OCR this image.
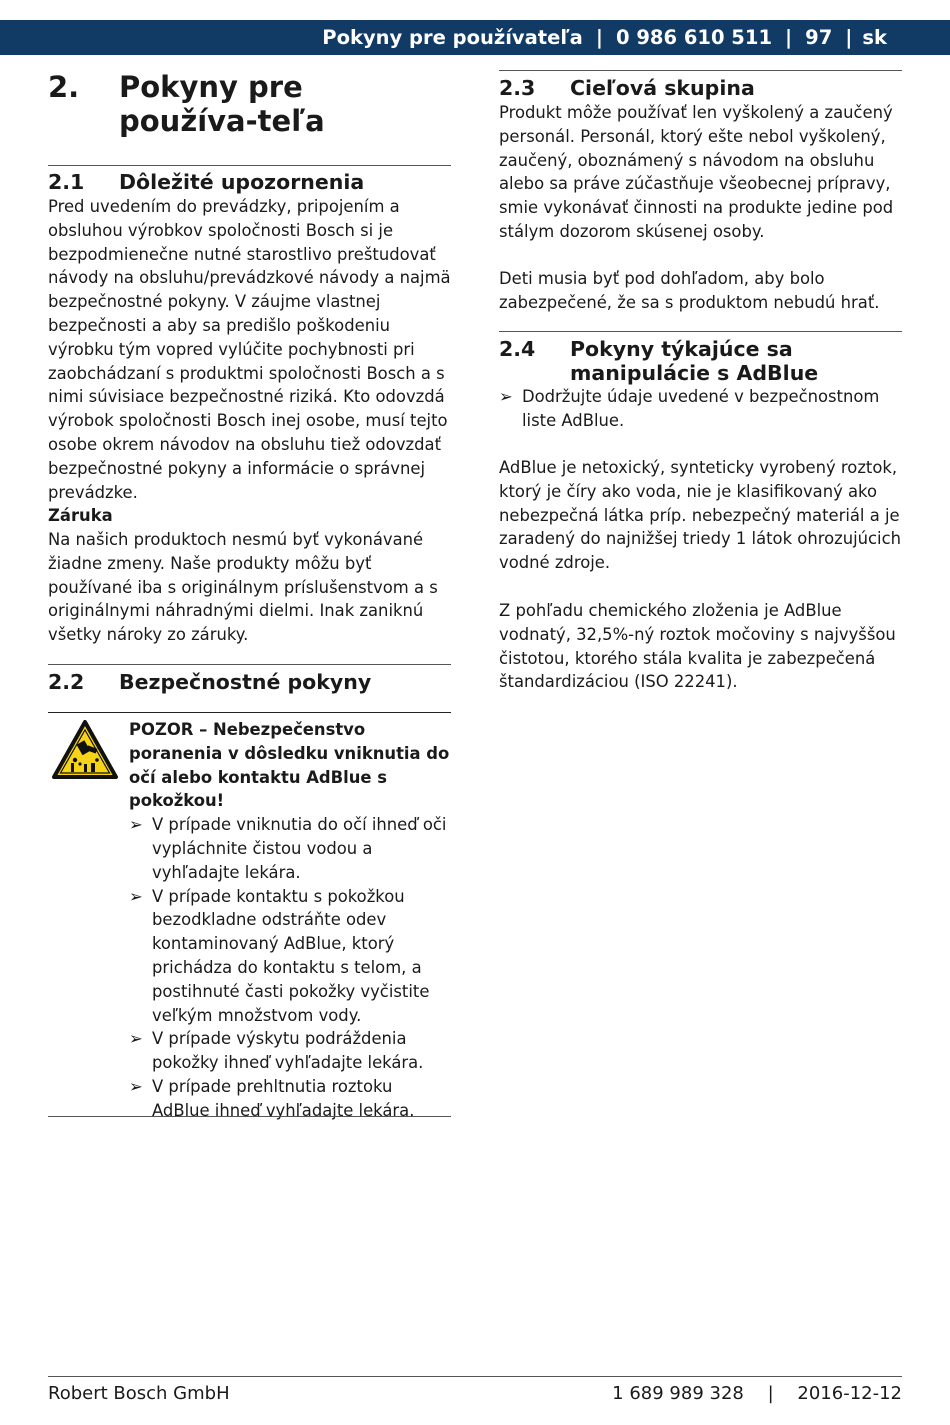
Pokyny pre používateľa | 0 986 610 511 | 97 | sk
2. Pokyny pre používa-teľa
2.1 Dôležité upozornenia
Pred uvedením do prevádzky, pripojením a obsluhou výrobkov spoločnosti Bosch si je bezpodmienečne nutné starostlivo preštudovať návody na obsluhu/prevádzkové návody a najmä bezpečnostné pokyny. V záujme vlastnej bezpečnosti a aby sa predišlo poškodeniu výrobku tým vopred vylúčite pochybnosti pri zaobchádzaní s produktmi spoločnosti Bosch a s nimi súvisiace bezpečnostné riziká. Kto odovzdá výrobok spoločnosti Bosch inej osobe, musí tejto osobe okrem návodov na obsluhu tiež odovzdať bezpečnostné pokyny a informácie o správnej prevádzke.
Záruka
Na našich produktoch nesmú byť vykonávané žiadne zmeny. Naše produkty môžu byť používané iba s originálnym príslušenstvom a s originálnymi náhradnými dielmi. Inak zaniknú všetky nároky zo záruky.
2.2 Bezpečnostné pokyny
POZOR – Nebezpečenstvo poranenia v dôsledku vniknutia do očí alebo kontaktu AdBlue s pokožkou!
➢ V prípade vniknutia do očí ihneď oči vypláchnite čistou vodou a vyhľadajte lekára.
➢ V prípade kontaktu s pokožkou bezodkladne odstráňte odev kontaminovaný AdBlue, ktorý prichádza do kontaktu s telom, a postihnuté časti pokožky vyčistite veľkým množstvom vody.
➢ V prípade výskytu podráždenia pokožky ihneď vyhľadajte lekára.
➢ V prípade prehltnutia roztoku AdBlue ihneď vyhľadajte lekára.
2.3 Cieľová skupina
Produkt môže používať len vyškolený a zaučený personál. Personál, ktorý ešte nebol vyškolený, zaučený, oboznámený s návodom na obsluhu alebo sa práve zúčastňuje všeobecnej prípravy, smie vykonávať činnosti na produkte jedine pod stálym dozorom skúsenej osoby.
Deti musia byť pod dohľadom, aby bolo zabezpečené, že sa s produktom nebudú hrať.
2.4 Pokyny týkajúce sa manipulácie s AdBlue
➢ Dodržujte údaje uvedené v bezpečnostnom liste AdBlue.
AdBlue je netoxický, synteticky vyrobený roztok, ktorý je číry ako voda, nie je klasifikovaný ako nebezpečná látka príp. nebezpečný materiál a je zaradený do najnižšej triedy 1 látok ohrozujúcich vodné zdroje.
Z pohľadu chemického zloženia je AdBlue vodnatý, 32,5%-ný roztok močoviny s najvyššou čistotou, ktorého stála kvalita je zabezpečená štandardizáciou (ISO 22241).
Robert Bosch GmbH	1 689 989 328 | 2016-12-12
